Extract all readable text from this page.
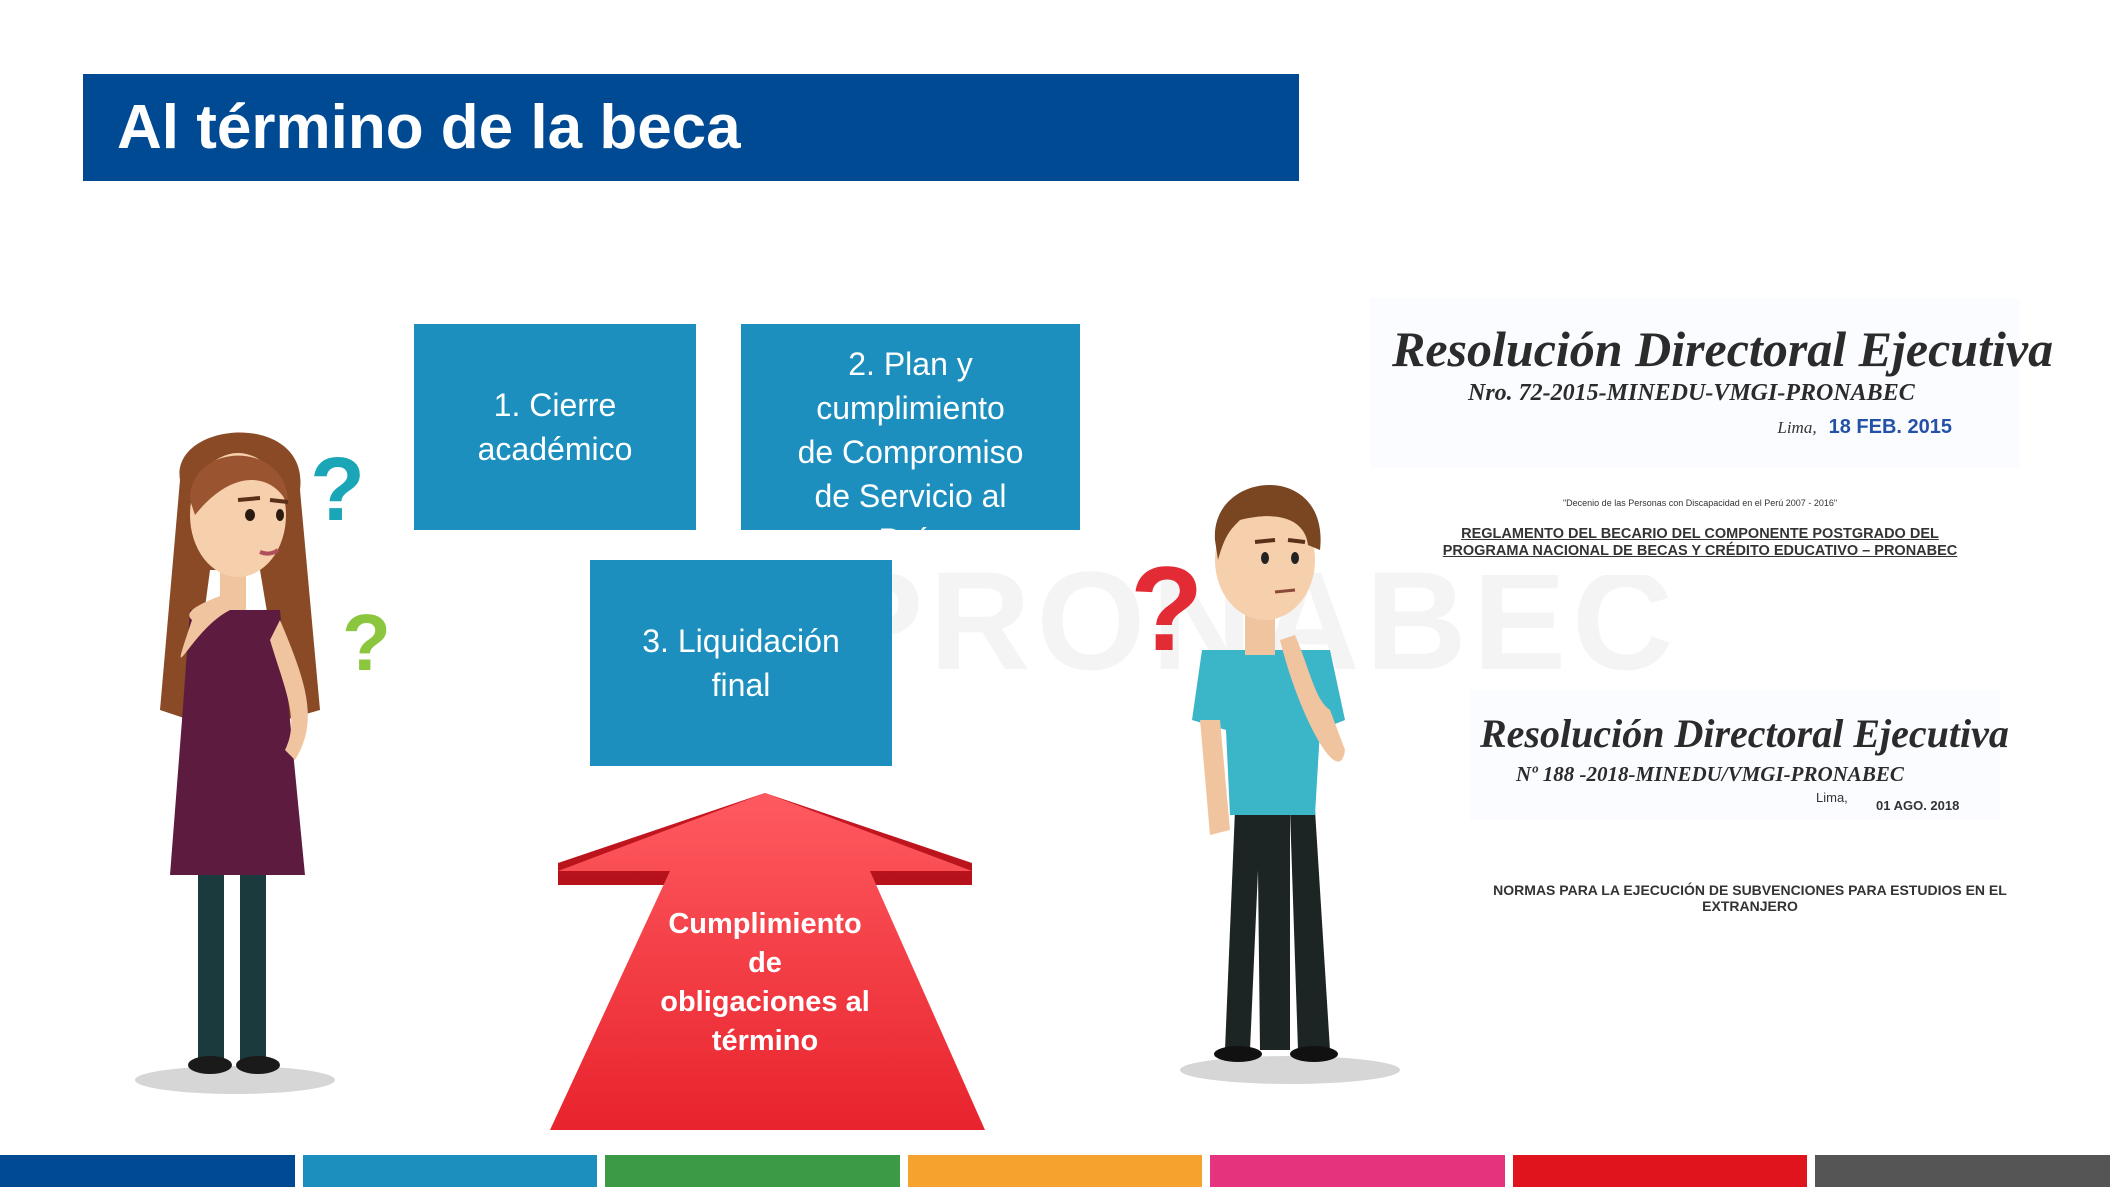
Al término de la beca
1. Cierre
académico
2. Plan y
cumplimiento
de Compromiso
de Servicio al
País
3. Liquidación
final
Cumplimiento
de
obligaciones al
término
?
?	?
Resolución Directoral Ejecutiva
Nro. 72-2015-MINEDU-VMGI-PRONABEC
Lima, 18 FEB. 2015
"Decenio de las Personas con Discapacidad en el Perú 2007 - 2016"
REGLAMENTO DEL BECARIO DEL COMPONENTE POSTGRADO DEL
PROGRAMA NACIONAL DE BECAS Y CRÉDITO EDUCATIVO – PRONABEC
Resolución Directoral Ejecutiva
Nº 188 -2018-MINEDU/VMGI-PRONABEC
Lima,
01 AGO. 2018
NORMAS PARA LA EJECUCIÓN DE SUBVENCIONES PARA ESTUDIOS EN EL
EXTRANJERO
